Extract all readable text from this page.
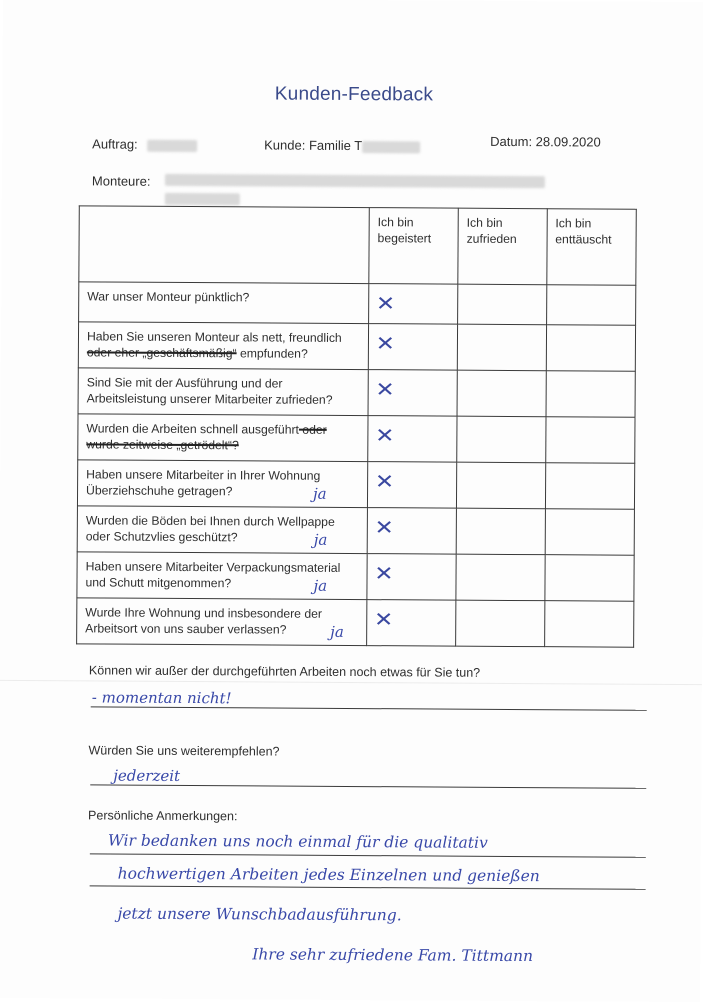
Kunden-Feedback
Auftrag:	Kunde: Familie T	Datum: 28.09.2020
Monteure:
	Ich bin begeistert	Ich bin zufrieden	Ich bin enttäuscht
War unser Monteur pünktlich?	✕		
Haben Sie unseren Monteur als nett, freundlich
oder eher „geschäftsmäßig“ empfunden?	✕		
Sind Sie mit der Ausführung und der
Arbeitsleistung unserer Mitarbeiter zufrieden?	✕		
Wurden die Arbeiten schnell ausgeführt oder
wurde zeitweise „getrödelt“?	✕		
Haben unsere Mitarbeiter in Ihrer Wohnung
Überziehschuhe getragen? ja	✕		
Wurden die Böden bei Ihnen durch Wellpappe
oder Schutzvlies geschützt? ja	✕		
Haben unsere Mitarbeiter Verpackungsmaterial
und Schutt mitgenommen? ja	✕		
Wurde Ihre Wohnung und insbesondere der
Arbeitsort von uns sauber verlassen? ja	✕		
Können wir außer der durchgeführten Arbeiten noch etwas für Sie tun?
- momentan nicht!
Würden Sie uns weiterempfehlen?
jederzeit
Persönliche Anmerkungen:
Wir bedanken uns noch einmal für die qualitativ
hochwertigen Arbeiten jedes Einzelnen und genießen
jetzt unsere Wunschbadausführung.
Ihre sehr zufriedene Fam. Tittmann
